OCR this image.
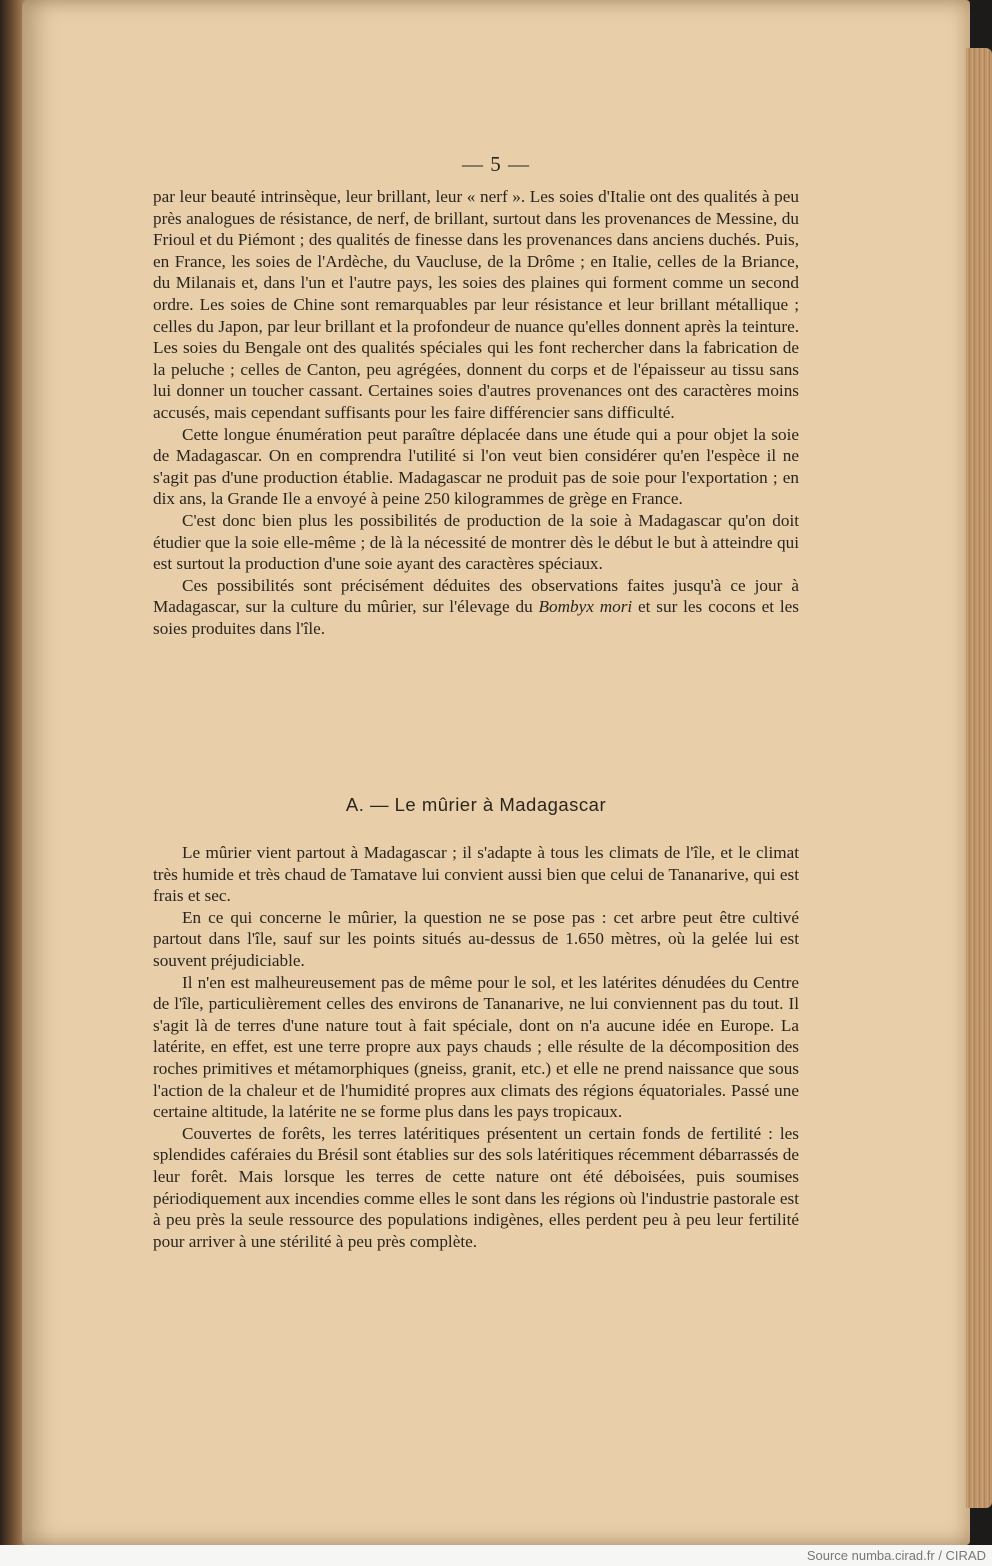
— 5 —

par leur beauté intrinsèque, leur brillant, leur « nerf ». Les soies d'Italie ont des qualités à peu près analogues de résistance, de nerf, de brillant, surtout dans les provenances de Messine, du Frioul et du Piémont ; des qualités de finesse dans les provenances dans anciens duchés. Puis, en France, les soies de l'Ardèche, du Vaucluse, de la Drôme ; en Italie, celles de la Briance, du Milanais et, dans l'un et l'autre pays, les soies des plaines qui forment comme un second ordre. Les soies de Chine sont remarquables par leur résistance et leur brillant métallique ; celles du Japon, par leur brillant et la profondeur de nuance qu'elles donnent après la teinture. Les soies du Bengale ont des qualités spéciales qui les font rechercher dans la fabrication de la peluche ; celles de Canton, peu agrégées, donnent du corps et de l'épaisseur au tissu sans lui donner un toucher cassant. Certaines soies d'autres provenances ont des caractères moins accusés, mais cependant suffisants pour les faire différencier sans difficulté.

Cette longue énumération peut paraître déplacée dans une étude qui a pour objet la soie de Madagascar. On en comprendra l'utilité si l'on veut bien considérer qu'en l'espèce il ne s'agit pas d'une production établie. Madagascar ne produit pas de soie pour l'exportation ; en dix ans, la Grande Ile a envoyé à peine 250 kilogrammes de grège en France.

C'est donc bien plus les possibilités de production de la soie à Madagascar qu'on doit étudier que la soie elle-même ; de là la nécessité de montrer dès le début le but à atteindre qui est surtout la production d'une soie ayant des caractères spéciaux.

Ces possibilités sont précisément déduites des observations faites jusqu'à ce jour à Madagascar, sur la culture du mûrier, sur l'élevage du Bombyx mori et sur les cocons et les soies produites dans l'île.

A. — Le mûrier à Madagascar

Le mûrier vient partout à Madagascar ; il s'adapte à tous les climats de l'île, et le climat très humide et très chaud de Tamatave lui convient aussi bien que celui de Tananarive, qui est frais et sec.

En ce qui concerne le mûrier, la question ne se pose pas : cet arbre peut être cultivé partout dans l'île, sauf sur les points situés au-dessus de 1.650 mètres, où la gelée lui est souvent préjudiciable.

Il n'en est malheureusement pas de même pour le sol, et les latérites dénudées du Centre de l'île, particulièrement celles des environs de Tananarive, ne lui conviennent pas du tout. Il s'agit là de terres d'une nature tout à fait spéciale, dont on n'a aucune idée en Europe. La latérite, en effet, est une terre propre aux pays chauds ; elle résulte de la décomposition des roches primitives et métamorphiques (gneiss, granit, etc.) et elle ne prend naissance que sous l'action de la chaleur et de l'humidité propres aux climats des régions équatoriales. Passé une certaine altitude, la latérite ne se forme plus dans les pays tropicaux.

Couvertes de forêts, les terres latéritiques présentent un certain fonds de fertilité : les splendides caféraies du Brésil sont établies sur des sols latéritiques récemment débarrassés de leur forêt. Mais lorsque les terres de cette nature ont été déboisées, puis soumises périodiquement aux incendies comme elles le sont dans les régions où l'industrie pastorale est à peu près la seule ressource des populations indigènes, elles perdent peu à peu leur fertilité pour arriver à une stérilité à peu près complète.

Source numba.cirad.fr / CIRAD
